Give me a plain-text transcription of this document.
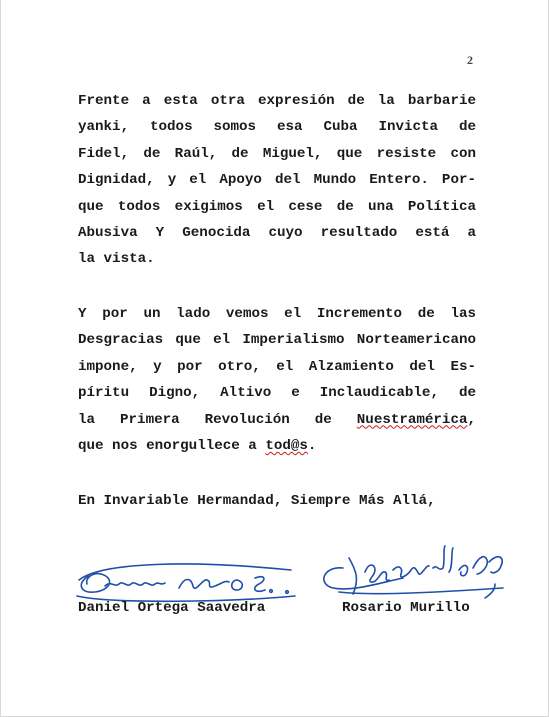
2
Frente a esta otra expresión de la barbarie
yanki, todos somos esa Cuba Invicta de
Fidel, de Raúl, de Miguel, que resiste con
Dignidad, y el Apoyo del Mundo Entero. Por-
que todos exigimos el cese de una Política
Abusiva Y Genocida cuyo resultado está a
la vista.
Y por un lado vemos el Incremento de las
Desgracias que el Imperialismo Norteamericano
impone, y por otro, el Alzamiento del Es-
píritu Digno, Altivo e Inclaudicable, de
la Primera Revolución de Nuestramérica,
que nos enorgullece a tod@s.
En Invariable Hermandad, Siempre Más Allá,
Daniel Ortega Saavedra	Rosario Murillo
